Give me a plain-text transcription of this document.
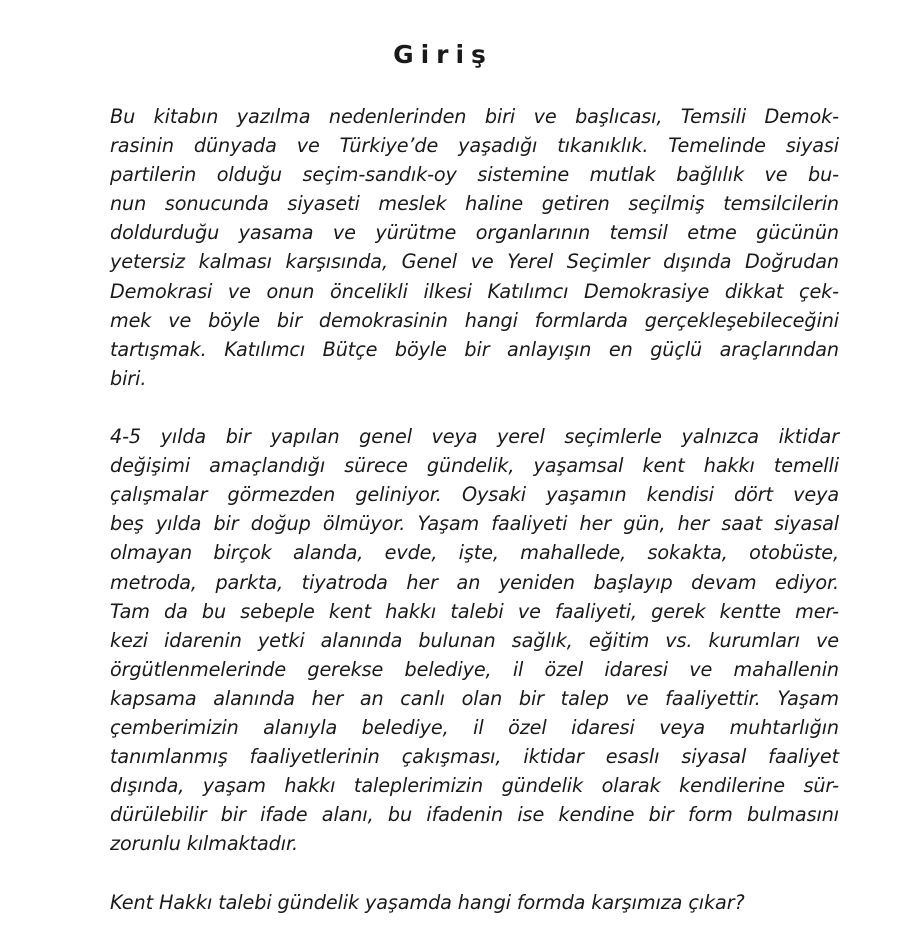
Giriş

Bu kitabın yazılma nedenlerinden biri ve başlıcası, Temsili Demok-
rasinin dünyada ve Türkiye’de yaşadığı tıkanıklık. Temelinde siyasi
partilerin olduğu seçim-sandık-oy sistemine mutlak bağlılık ve bu-
nun sonucunda siyaseti meslek haline getiren seçilmiş temsilcilerin
doldurduğu yasama ve yürütme organlarının temsil etme gücünün
yetersiz kalması karşısında, Genel ve Yerel Seçimler dışında Doğrudan
Demokrasi ve onun öncelikli ilkesi Katılımcı Demokrasiye dikkat çek-
mek ve böyle bir demokrasinin hangi formlarda gerçekleşebileceğini
tartışmak. Katılımcı Bütçe böyle bir anlayışın en güçlü araçlarından
biri.

4-5 yılda bir yapılan genel veya yerel seçimlerle yalnızca iktidar
değişimi amaçlandığı sürece gündelik, yaşamsal kent hakkı temelli
çalışmalar görmezden geliniyor. Oysaki yaşamın kendisi dört veya
beş yılda bir doğup ölmüyor. Yaşam faaliyeti her gün, her saat siyasal
olmayan birçok alanda, evde, işte, mahallede, sokakta, otobüste,
metroda, parkta, tiyatroda her an yeniden başlayıp devam ediyor.
Tam da bu sebeple kent hakkı talebi ve faaliyeti, gerek kentte mer-
kezi idarenin yetki alanında bulunan sağlık, eğitim vs. kurumları ve
örgütlenmelerinde gerekse belediye, il özel idaresi ve mahallenin
kapsama alanında her an canlı olan bir talep ve faaliyettir. Yaşam
çemberimizin alanıyla belediye, il özel idaresi veya muhtarlığın
tanımlanmış faaliyetlerinin çakışması, iktidar esaslı siyasal faaliyet
dışında, yaşam hakkı taleplerimizin gündelik olarak kendilerine sür-
dürülebilir bir ifade alanı, bu ifadenin ise kendine bir form bulmasını
zorunlu kılmaktadır.

Kent Hakkı talebi gündelik yaşamda hangi formda karşımıza çıkar?
